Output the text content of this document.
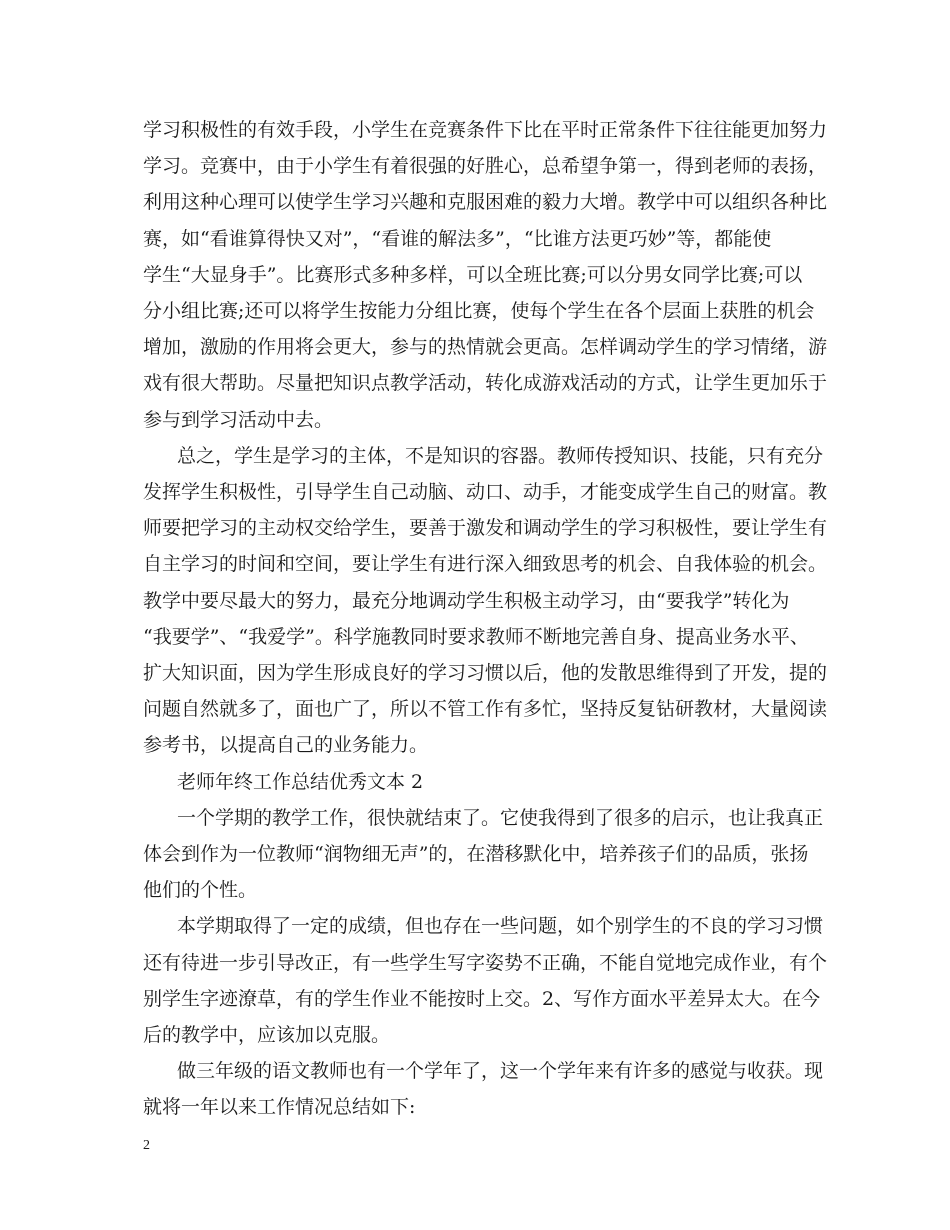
学习积极性的有效手段，小学生在竞赛条件下比在平时正常条件下往往能更加努力
学习。竞赛中，由于小学生有着很强的好胜心，总希望争第一，得到老师的表扬，
利用这种心理可以使学生学习兴趣和克服困难的毅力大增。教学中可以组织各种比
赛，如“看谁算得快又对”，“看谁的解法多”，“比谁方法更巧妙”等，都能使
学生“大显身手”。比赛形式多种多样，可以全班比赛;可以分男女同学比赛;可以
分小组比赛;还可以将学生按能力分组比赛，使每个学生在各个层面上获胜的机会
增加，激励的作用将会更大，参与的热情就会更高。怎样调动学生的学习情绪，游
戏有很大帮助。尽量把知识点教学活动，转化成游戏活动的方式，让学生更加乐于
参与到学习活动中去。
总之，学生是学习的主体，不是知识的容器。教师传授知识、技能，只有充分
发挥学生积极性，引导学生自己动脑、动口、动手，才能变成学生自己的财富。教
师要把学习的主动权交给学生，要善于激发和调动学生的学习积极性，要让学生有
自主学习的时间和空间，要让学生有进行深入细致思考的机会、自我体验的机会。
教学中要尽最大的努力，最充分地调动学生积极主动学习，由“要我学”转化为
“我要学”、“我爱学”。科学施教同时要求教师不断地完善自身、提高业务水平、
扩大知识面，因为学生形成良好的学习习惯以后，他的发散思维得到了开发，提的
问题自然就多了，面也广了，所以不管工作有多忙，坚持反复钻研教材，大量阅读
参考书，以提高自己的业务能力。
老师年终工作总结优秀文本 2
一个学期的教学工作，很快就结束了。它使我得到了很多的启示，也让我真正
体会到作为一位教师“润物细无声”的，在潜移默化中，培养孩子们的品质，张扬
他们的个性。
本学期取得了一定的成绩，但也存在一些问题，如个别学生的不良的学习习惯
还有待进一步引导改正，有一些学生写字姿势不正确，不能自觉地完成作业，有个
别学生字迹潦草，有的学生作业不能按时上交。2、写作方面水平差异太大。在今
后的教学中，应该加以克服。
做三年级的语文教师也有一个学年了，这一个学年来有许多的感觉与收获。现
就将一年以来工作情况总结如下:
2
